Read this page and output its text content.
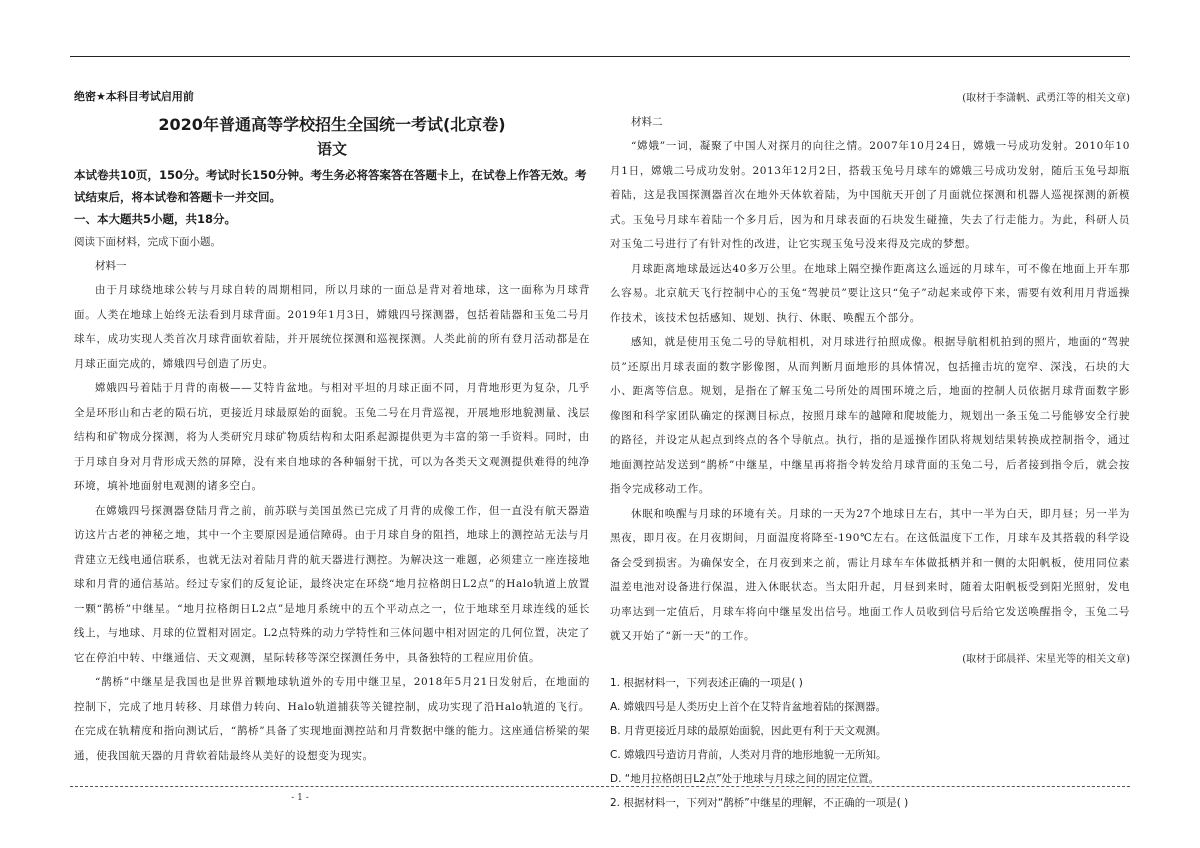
绝密★本科目考试启用前
2020年普通高等学校招生全国统一考试(北京卷)
语文
本试卷共10页，150分。考试时长150分钟。考生务必将答案答在答题卡上，在试卷上作答无效。考试结束后，将本试卷和答题卡一并交回。
一、本大题共5小题，共18分。
阅读下面材料，完成下面小题。
材料一

由于月球绕地球公转与月球自转的周期相同，所以月球的一面总是背对着地球，这一面称为月球背面。人类在地球上始终无法看到月球背面。2019年1月3日，嫦娥四号探测器，包括着陆器和玉兔二号月球车，成功实现人类首次月球背面软着陆，并开展统位探测和巡视探测。人类此前的所有登月活动都是在月球正面完成的，嫦娥四号创造了历史。

嫦娥四号着陆于月背的南极——艾特肯盆地。与相对平坦的月球正面不同，月背地形更为复杂，几乎全是环形山和古老的陨石坑，更接近月球最原始的面貌。玉兔二号在月背巡视，开展地形地貌测量、浅层结构和矿物成分探测，将为人类研究月球矿物质结构和太阳系起源提供更为丰富的第一手资料。同时，由于月球自身对月背形成天然的屏障，没有来自地球的各种辐射干扰，可以为各类天文观测提供难得的纯净环境，填补地面射电观测的诸多空白。

在嫦娥四号探测器登陆月背之前，前苏联与美国虽然已完成了月背的成像工作，但一直没有航天器造访这片古老的神秘之地，其中一个主要原因是通信障碍。由于月球自身的阻挡，地球上的测控站无法与月背建立无线电通信联系，也就无法对着陆月背的航天器进行测控。为解决这一难题，必须建立一座连接地球和月背的通信基站。经过专家们的反复论证，最终决定在环绕“地月拉格朗日L2点”的Halo轨道上放置一颗“鹊桥”中继星。“地月拉格朗日L2点”是地月系统中的五个平动点之一，位于地球至月球连线的延长线上，与地球、月球的位置相对固定。L2点特殊的动力学特性和三体问题中相对固定的几何位置，决定了它在停泊中转、中继通信、天文观测，星际转移等深空探测任务中，具备独特的工程应用价值。

“鹊桥”中继星是我国也是世界首颗地球轨道外的专用中继卫星，2018年5月21日发射后，在地面的控制下，完成了地月转移、月球借力转向、Halo轨道捕获等关键控制，成功实现了沿Halo轨道的飞行。在完成在轨精度和指向测试后，“鹊桥”具备了实现地面测控站和月背数据中继的能力。这座通信桥梁的架通，使我国航天器的月背软着陆最终从美好的设想变为现实。

(取材于李潇帆、武勇江等的相关文章)
材料二

“嫦娥”一词，凝聚了中国人对探月的向往之情。2007年10月24日，嫦娥一号成功发射。2010年10月1日，嫦娥二号成功发射。2013年12月2日，搭载玉兔号月球车的嫦娥三号成功发射，随后玉兔号却瓶着陆，这是我国探测器首次在地外天体软着陆，为中国航天开创了月面就位探测和机器人巡视探测的新模式。玉兔号月球车着陆一个多月后，因为和月球表面的石块发生碰撞，失去了行走能力。为此，科研人员对玉兔二号进行了有针对性的改进，让它实现玉兔号没来得及完成的梦想。

月球距离地球最远达40多万公里。在地球上隔空操作距离这么遥远的月球车，可不像在地面上开车那么容易。北京航天飞行控制中心的玉兔“驾驶员”要让这只“兔子”动起来或停下来，需要有效利用月背遥操作技术，该技术包括感知、规划、执行、休眠、唤醒五个部分。

感知，就是使用玉兔二号的导航相机，对月球进行拍照成像。根据导航相机拍到的照片，地面的“驾驶员”还原出月球表面的数字影像图，从而判断月面地形的具体情况，包括撞击坑的宽窄、深浅，石块的大小、距离等信息。规划，是指在了解玉兔二号所处的周围环境之后，地面的控制人员依据月球背面数字影像图和科学家团队确定的探测目标点，按照月球车的越障和爬坡能力，规划出一条玉兔二号能够安全行驶的路径，并设定从起点到终点的各个导航点。执行，指的是遥操作团队将规划结果转换成控制指令，通过地面测控站发送到“鹊桥”中继星，中继星再将指令转发给月球背面的玉兔二号，后者接到指令后，就会按指令完成移动工作。

休眠和唤醒与月球的环境有关。月球的一天为27个地球日左右，其中一半为白天，即月昼；另一半为黑夜，即月夜。在月夜期间，月面温度将降至-190℃左右。在这低温度下工作，月球车及其搭载的科学设备会受到损害。为确保安全，在月夜到来之前，需让月球车车体做抵栖并和一侧的太阳帆板，使用同位素温差电池对设备进行保温，进入休眠状态。当太阳升起，月昼到来时，随着太阳帆板受到阳光照射，发电功率达到一定值后，月球车将向中继星发出信号。地面工作人员收到信号后给它发送唤醒指令，玉兔二号就又开始了“新一天”的工作。

(取材于邱晨祥、宋星光等的相关文章)
1. 根据材料一，下列表述正确的一项是( )
A. 嫦娥四号是人类历史上首个在艾特肯盆地着陆的探测器。
B. 月背更接近月球的最原始面貌，因此更有利于天文观测。
C. 嫦娥四号造访月背前，人类对月背的地形地貌一无所知。
D. “地月拉格朗日L2点”处于地球与月球之间的固定位置。
2. 根据材料一，下列对“鹊桥”中继星的理解，不正确的一项是( )
- 1 -
